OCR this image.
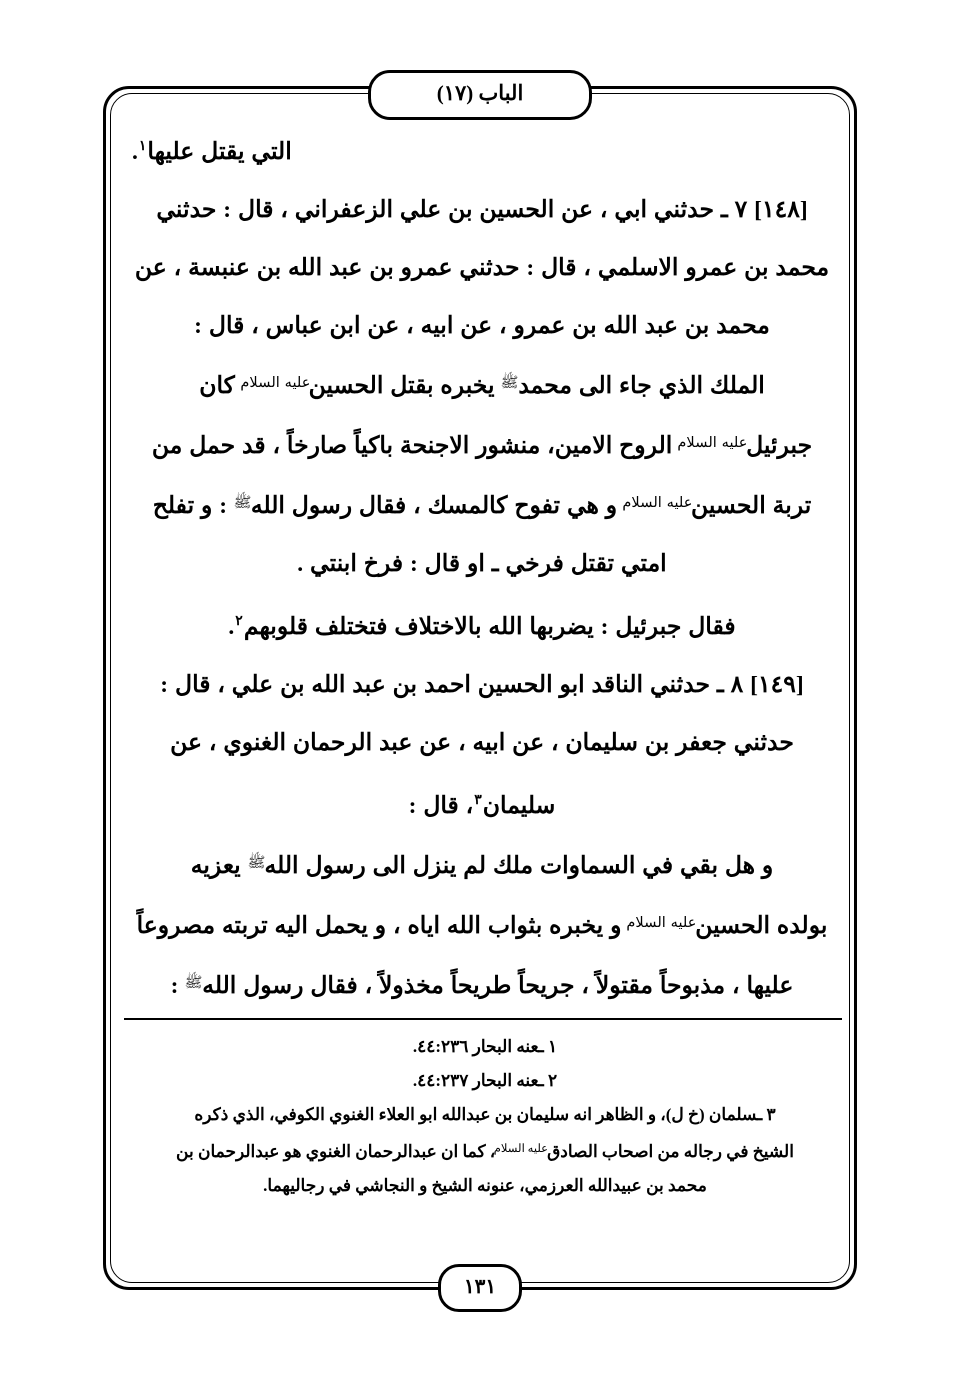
الباب (١٧)

التي يقتل عليها$^١$.

[١٤٨] ٧ ـ حدثني ابي ، عن الحسين بن علي الزعفراني ، قال : حدثني

محمد بن عمرو الاسلمي ، قال : حدثني عمرو بن عبد الله بن عنبسة ، عن

محمد بن عبد الله بن عمرو ، عن ابيه ، عن ابن عباس ، قال :

الملك الذي جاء الى محمدﷺ يخبره بقتل الحسينعليه السلام كان

جبرئيلعليه السلام الروح الامين، منشور الاجنحة باكياً صارخاً ، قد حمل من

تربة الحسينعليه السلام و هي تفوح كالمسك ، فقال رسول اللهﷺ : و تفلح

امتي تقتل فرخي ـ او قال : فرخ ابنتي .

فقال جبرئيل : يضربها الله بالاختلاف فتختلف قلوبهم$^٢$.

[١٤٩] ٨ ـ حدثني الناقد ابو الحسين احمد بن عبد الله بن علي ، قال :

حدثني جعفر بن سليمان ، عن ابيه ، عن عبد الرحمان الغنوي ، عن

سليمان$^٣$، قال :

و هل بقي في السماوات ملك لم ينزل الى رسول اللهﷺ يعزيه

بولده الحسينعليه السلام و يخبره بثواب الله اياه ، و يحمل اليه تربته مصروعاً

عليها ، مذبوحاً مقتولاً ، جريحاً طريحاً مخذولاً ، فقال رسول اللهﷺ :

١ ـعنه البحار ٤٤:٢٣٦.

٢ ـعنه البحار ٤٤:٢٣٧.

٣ ـسلمان (خ ل)، و الظاهر انه سليمان بن عبدالله ابو العلاء الغنوي الكوفي، الذي ذكره

الشيخ في رجاله من اصحاب الصادقعليه السلام، كما ان عبدالرحمان الغنوي هو عبدالرحمان بن

محمد بن عبيدالله العرزمي، عنونه الشيخ و النجاشي في رجاليهما.

١٣١
